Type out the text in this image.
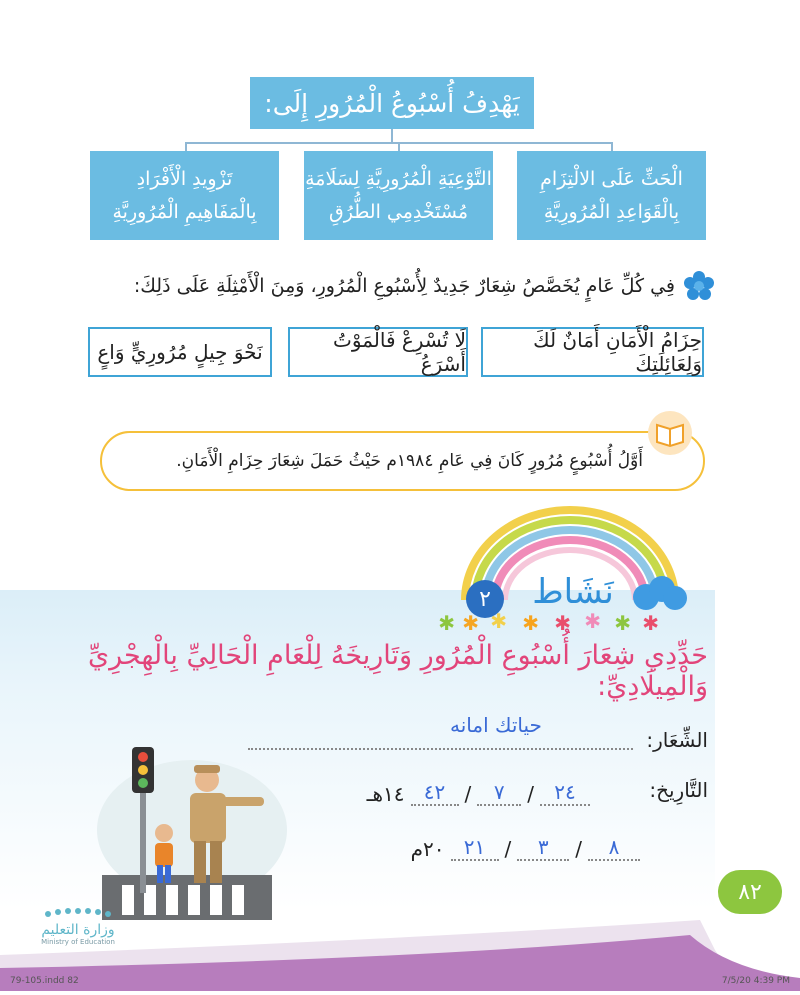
يَهْدِفُ أُسْبُوعُ الْمُرُورِ إِلَى:
الْحَثِّ عَلَى الالْتِزَامِ
بِالْقَوَاعِدِ الْمُرُورِيَّةِ
التَّوْعِيَةِ الْمُرُورِيَّةِ لِسَلَامَةِ
مُسْتَخْدِمِي الطُّرُقِ
تَزْوِيدِ الْأَفْرَادِ
بِالْمَفَاهِيمِ الْمُرُورِيَّةِ
فِي كُلِّ عَامٍ يُخَصَّصُ شِعَارٌ جَدِيدٌ لِأُسْبُوعِ الْمُرُورِ، وَمِنَ الْأَمْثِلَةِ عَلَى ذَلِكَ:
حِزَامُ الْأَمَانِ أَمَانٌ لَكَ وَلِعَائِلَتِكَ
لَا تُسْرِعْ فَالْمَوْتُ أَسْرَعُ
نَحْوَ جِيلٍ مُرُورِيٍّ وَاعٍ
أَوَّلُ أُسْبُوعٍ مُرُورٍ كَانَ فِي عَامِ ١٩٨٤م حَيْثُ حَمَلَ شِعَارَ حِزَامِ الْأَمَانِ.
٢	نَشَاط
✱ ✱ ✱ ✱ ✱ ✱ ✱ ✱
حَدِّدِي شِعَارَ أُسْبُوعِ الْمُرُورِ وَتَارِيخَهُ لِلْعَامِ الْحَالِيِّ بِالْهِجْرِيِّ وَالْمِيلَادِيِّ:
الشِّعَار:
حياتك امانه
التَّارِيخ:
٢٤
/
٧
/
٤٢
١٤هـ
٨
/
٣
/
٢١
٢٠م
٨٢
وزارة التعليم
Ministry of Education
79-105.indd 82	7/5/20 4:39 PM
